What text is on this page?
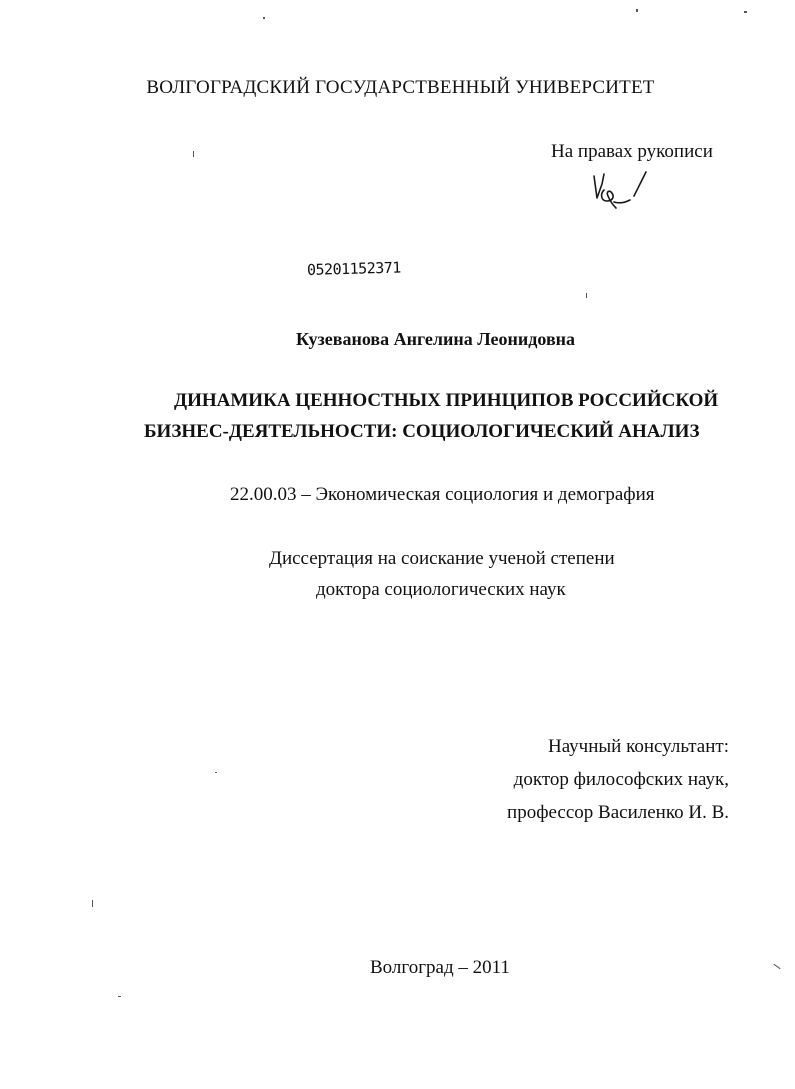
ВОЛГОГРАДСКИЙ ГОСУДАРСТВЕННЫЙ УНИВЕРСИТЕТ
На правах рукописи
05201152371
Кузеванова Ангелина Леонидовна
ДИНАМИКА ЦЕННОСТНЫХ ПРИНЦИПОВ РОССИЙСКОЙ
БИЗНЕС-ДЕЯТЕЛЬНОСТИ: СОЦИОЛОГИЧЕСКИЙ АНАЛИЗ
22.00.03 – Экономическая социология и демография
Диссертация на соискание ученой степени
доктора социологических наук
Научный консультант:
доктор философских наук,
профессор Василенко И. В.
Волгоград – 2011
